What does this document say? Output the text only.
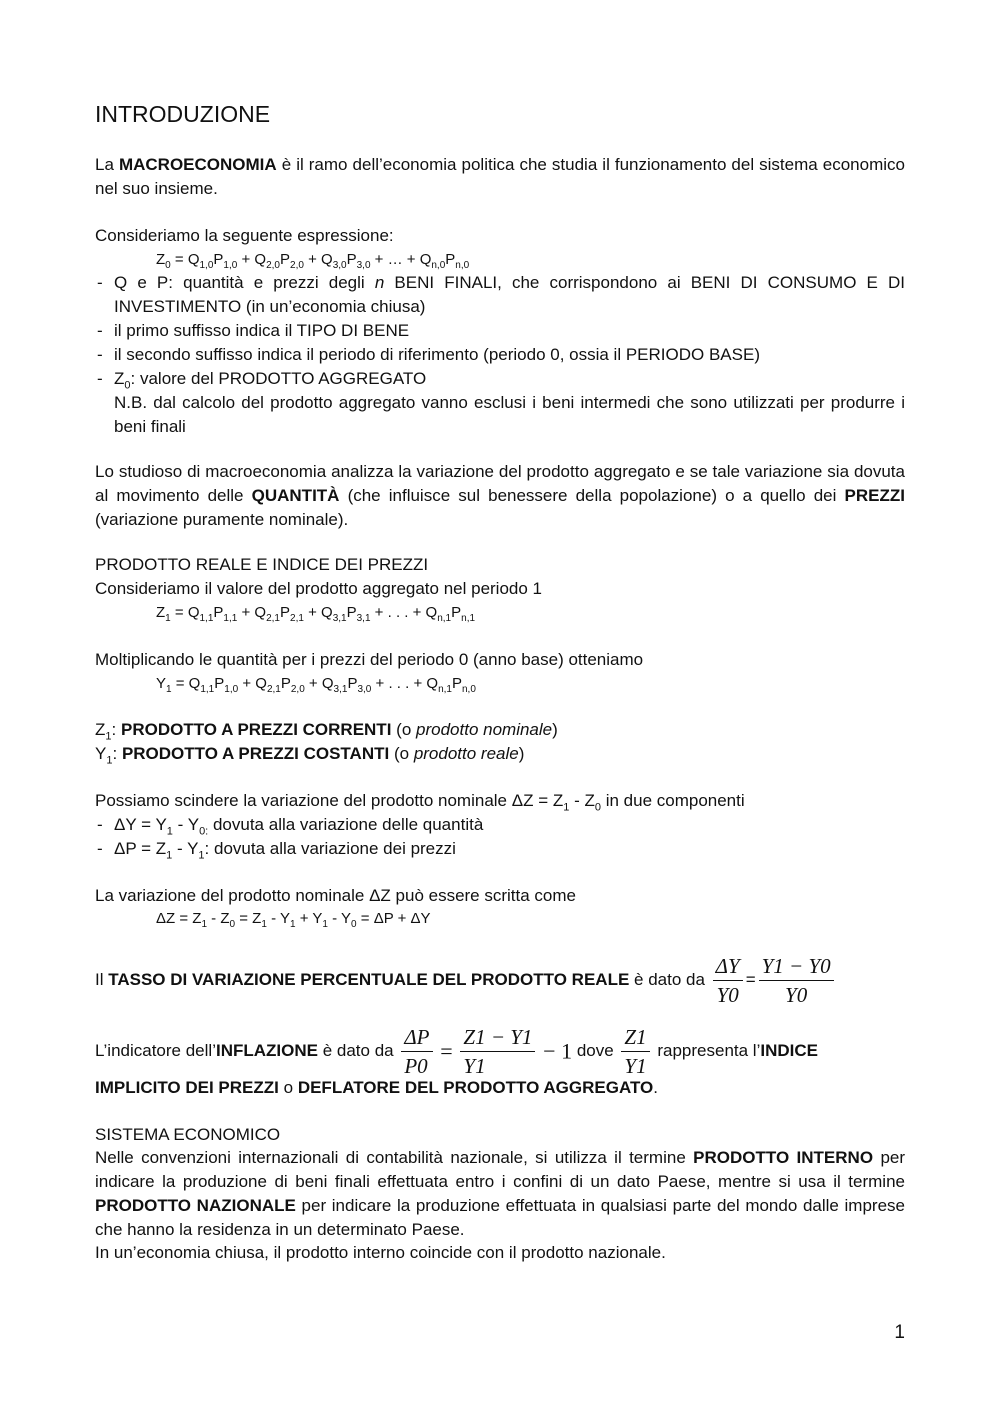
INTRODUZIONE
La MACROECONOMIA è il ramo dell’economia politica che studia il funzionamento del sistema economico nel suo insieme.
Consideriamo la seguente espressione:
$Z_0 = Q_{1,0}P_{1,0} + Q_{2,0}P_{2,0} + Q_{3,0}P_{3,0}$ + … + $Q_{n,0}P_{n,0}$
- Q e P: quantità e prezzi degli n BENI FINALI, che corrispondono ai BENI DI CONSUMO E DI INVESTIMENTO (in un’economia chiusa)
- il primo suffisso indica il TIPO DI BENE
- il secondo suffisso indica il periodo di riferimento (periodo 0, ossia il PERIODO BASE)
- $Z_0$: valore del PRODOTTO AGGREGATO
N.B. dal calcolo del prodotto aggregato vanno esclusi i beni intermedi che sono utilizzati per produrre i beni finali
Lo studioso di macroeconomia analizza la variazione del prodotto aggregato e se tale variazione sia dovuta al movimento delle QUANTITÀ (che influisce sul benessere della popolazione) o a quello dei PREZZI (variazione puramente nominale).
PRODOTTO REALE E INDICE DEI PREZZI
Consideriamo il valore del prodotto aggregato nel periodo 1
$Z_1 = Q_{1,1}P_{1,1} + Q_{2,1}P_{2,1} + Q_{3,1}P_{3,1}$ + . . . + $Q_{n,1}P_{n,1}$
Moltiplicando le quantità per i prezzi del periodo 0 (anno base) otteniamo
$Y_1 = Q_{1,1}P_{1,0} + Q_{2,1}P_{2,0} + Q_{3,1}P_{3,0}$ + . . . + $Q_{n,1}P_{n,0}$
$Z_1$: PRODOTTO A PREZZI CORRENTI (o prodotto nominale)
$Y_1$: PRODOTTO A PREZZI COSTANTI (o prodotto reale)
Possiamo scindere la variazione del prodotto nominale $\Delta Z = Z_1 - Z_0$ in due componenti
- $\Delta Y = Y_1 - Y_{0:}$ dovuta alla variazione delle quantità
- $\Delta P = Z_1 - Y_1$: dovuta alla variazione dei prezzi
La variazione del prodotto nominale ΔZ può essere scritta come
$\Delta Z = Z_1 - Z_0 = Z_1 - Y_1 + Y_1 - Y_0 = \Delta P + \Delta Y$
Il TASSO DI VARIAZIONE PERCENTUALE DEL PRODOTTO REALE è dato da $\frac{\Delta Y}{Y0} = \frac{Y1 - Y0}{Y0}$
L’indicatore dell’INFLAZIONE è dato da $\frac{\Delta P}{P0} = \frac{Z1 - Y1}{Y1} - 1$ dove $\frac{Z1}{Y1}$ rappresenta l’INDICE
IMPLICITO DEI PREZZI o DEFLATORE DEL PRODOTTO AGGREGATO.
SISTEMA ECONOMICO
Nelle convenzioni internazionali di contabilità nazionale, si utilizza il termine PRODOTTO INTERNO per indicare la produzione di beni finali effettuata entro i confini di un dato Paese, mentre si usa il termine PRODOTTO NAZIONALE per indicare la produzione effettuata in qualsiasi parte del mondo dalle imprese che hanno la residenza in un determinato Paese.
In un’economia chiusa, il prodotto interno coincide con il prodotto nazionale.
1
